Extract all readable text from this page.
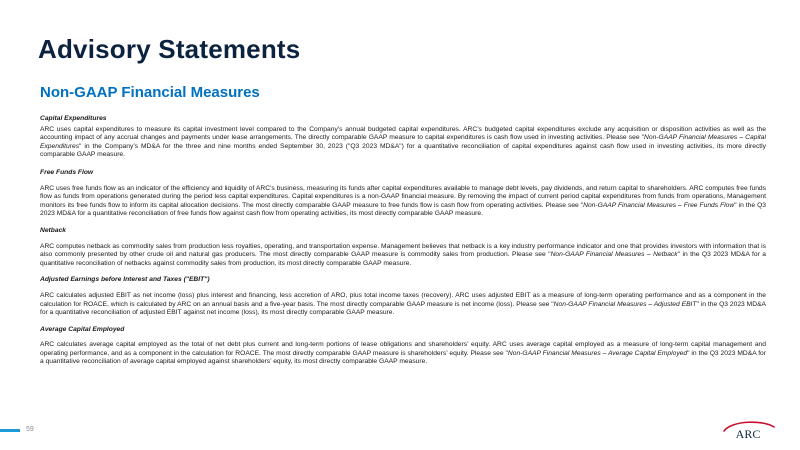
Advisory Statements
Non-GAAP Financial Measures
Capital Expenditures

ARC uses capital expenditures to measure its capital investment level compared to the Company’s annual budgeted capital expenditures. ARC’s budgeted capital expenditures exclude any acquisition or disposition activities as well as the accounting impact of any accrual changes and payments under lease arrangements. The directly comparable GAAP measure to capital expenditures is cash flow used in investing activities. Please see "Non-GAAP Financial Measures – Capital Expenditures" in the Company’s MD&A for the three and nine months ended September 30, 2023 ("Q3 2023 MD&A") for a quantitative reconciliation of capital expenditures against cash flow used in investing activities, its more directly comparable GAAP measure.

Free Funds Flow

ARC uses free funds flow as an indicator of the efficiency and liquidity of ARC’s business, measuring its funds after capital expenditures available to manage debt levels, pay dividends, and return capital to shareholders. ARC computes free funds flow as funds from operations generated during the period less capital expenditures. Capital expenditures is a non-GAAP financial measure. By removing the impact of current period capital expenditures from funds from operations, Management monitors its free funds flow to inform its capital allocation decisions. The most directly comparable GAAP measure to free funds flow is cash flow from operating activities. Please see "Non-GAAP Financial Measures – Free Funds Flow" in the Q3 2023 MD&A for a quantitative reconciliation of free funds flow against cash flow from operating activities, its most directly comparable GAAP measure.

Netback

ARC computes netback as commodity sales from production less royalties, operating, and transportation expense. Management believes that netback is a key industry performance indicator and one that provides investors with information that is also commonly presented by other crude oil and natural gas producers. The most directly comparable GAAP measure is commodity sales from production. Please see "Non-GAAP Financial Measures – Netback" in the Q3 2023 MD&A for a quantitative reconciliation of netbacks against commodity sales from production, its most directly comparable GAAP measure.

Adjusted Earnings before Interest and Taxes ("EBIT")

ARC calculates adjusted EBIT as net income (loss) plus interest and financing, less accretion of ARO, plus total income taxes (recovery). ARC uses adjusted EBIT as a measure of long-term operating performance and as a component in the calculation for ROACE, which is calculated by ARC on an annual basis and a five-year basis. The most directly comparable GAAP measure is net income (loss). Please see "Non-GAAP Financial Measures – Adjusted EBIT" in the Q3 2023 MD&A for a quantitative reconciliation of adjusted EBIT against net income (loss), its most directly comparable GAAP measure.

Average Capital Employed

ARC calculates average capital employed as the total of net debt plus current and long-term portions of lease obligations and shareholders’ equity. ARC uses average capital employed as a measure of long-term capital management and operating performance, and as a component in the calculation for ROACE. The most directly comparable GAAP measure is shareholders’ equity. Please see "Non-GAAP Financial Measures – Average Capital Employed" in the Q3 2023 MD&A for a quantitative reconciliation of average capital employed against shareholders’ equity, its most directly comparable GAAP measure.

59	ARC
